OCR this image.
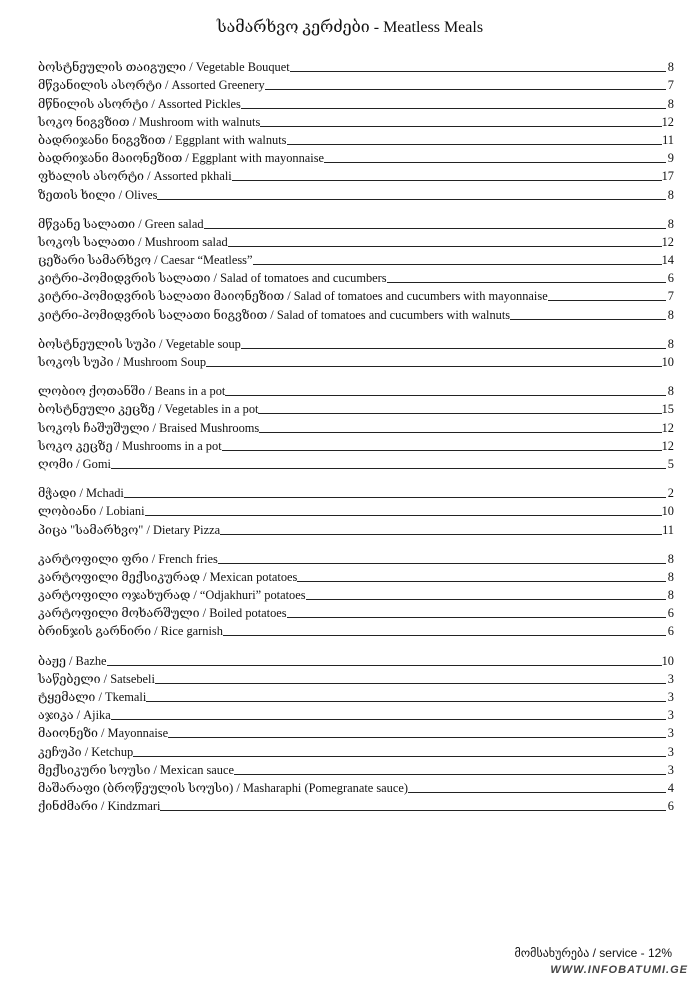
სამარხვო კერძები - Meatless Meals
ბოსტნეულის თაიგული / Vegetable Bouquet	8
მწვანილის ასორტი / Assorted Greenery	7
მწნილის ასორტი / Assorted Pickles	8
სოკო ნიგვზით / Mushroom with walnuts	12
ბადრიჯანი ნიგვზით / Eggplant with walnuts	11
ბადრიჯანი მაიონეზით / Eggplant with mayonnaise	9
ფხალის ასორტი / Assorted pkhali	17
ზეთის ხილი / Olives	8
მწვანე სალათი / Green salad	8
სოკოს სალათი / Mushroom salad	12
ცეზარი სამარხვო / Caesar “Meatless”	14
კიტრი-პომიდვრის სალათი / Salad of tomatoes and cucumbers	6
კიტრი-პომიდვრის სალათი მაიონეზით / Salad of tomatoes and cucumbers with mayonnaise	7
კიტრი-პომიდვრის სალათი ნიგვზით / Salad of tomatoes and cucumbers with walnuts	8
ბოსტნეულის სუპი / Vegetable soup	8
სოკოს სუპი / Mushroom Soup	10
ლობიო ქოთანში / Beans in a pot	8
ბოსტნეული კეცზე / Vegetables in a pot	15
სოკოს ჩაშუშული / Braised Mushrooms	12
სოკო კეცზე / Mushrooms in a pot	12
ღომი / Gomi	5
მჭადი / Mchadi	2
ლობიანი / Lobiani	10
პიცა "სამარხვო" / Dietary Pizza	11
კარტოფილი ფრი / French fries	8
კარტოფილი მექსიკურად / Mexican potatoes	8
კარტოფილი ოჯახურად / “Odjakhuri” potatoes	8
კარტოფილი მოხარშული / Boiled potatoes	6
ბრინჯის გარნირი / Rice garnish	6
ბაჟე / Bazhe	10
საწებელი / Satsebeli	3
ტყემალი / Tkemali	3
აჯიკა / Ajika	3
მაიონეზი / Mayonnaise	3
კეჩუპი / Ketchup	3
მექსიკური სოუსი / Mexican sauce	3
მაშარაფი (ბროწეულის სოუსი) / Masharaphi (Pomegranate sauce)	4
ქინძმარი / Kindzmari	6
მომსახურება / service - 12%
WWW.INFOBATUMI.GE
